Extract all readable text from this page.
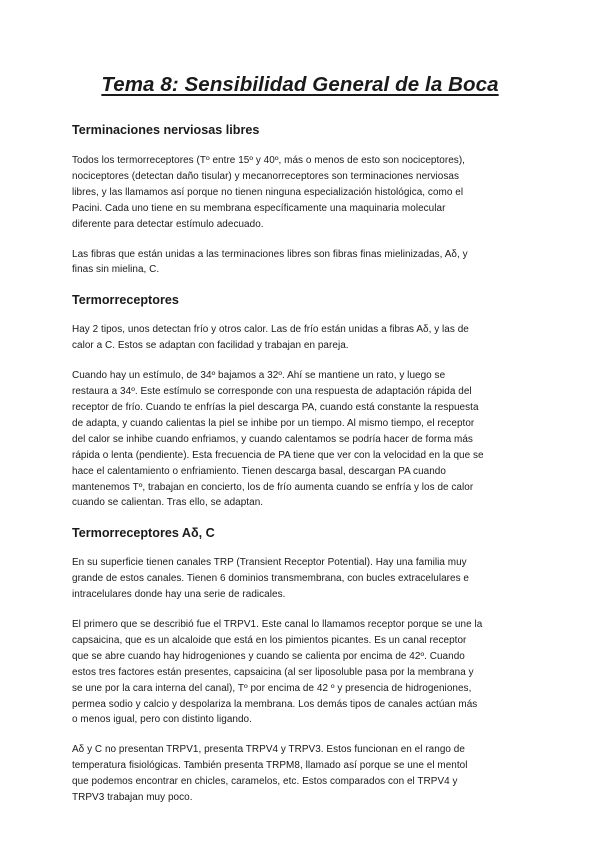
Tema 8: Sensibilidad General de la Boca
Terminaciones nerviosas libres

Todos los termorreceptores (Tº entre 15º y 40º, más o menos de esto son nociceptores),
nociceptores (detectan daño tisular) y mecanorreceptores son terminaciones nerviosas
libres, y las llamamos así porque no tienen ninguna especialización histológica, como el
Pacini. Cada uno tiene en su membrana específicamente una maquinaria molecular
diferente para detectar estímulo adecuado.

Las fibras que están unidas a las terminaciones libres son fibras finas mielinizadas, Aδ, y
finas sin mielina, C.

Termorreceptores

Hay 2 tipos, unos detectan frío y otros calor. Las de frío están unidas a fibras Aδ, y las de
calor a C. Estos se adaptan con facilidad y trabajan en pareja.

Cuando hay un estímulo, de 34º bajamos a 32º. Ahí se mantiene un rato, y luego se
restaura a 34º. Este estímulo se corresponde con una respuesta de adaptación rápida del
receptor de frío. Cuando te enfrías la piel descarga PA, cuando está constante la respuesta
de adapta, y cuando calientas la piel se inhibe por un tiempo. Al mismo tiempo, el receptor
del calor se inhibe cuando enfriamos, y cuando calentamos se podría hacer de forma más
rápida o lenta (pendiente). Esta frecuencia de PA tiene que ver con la velocidad en la que se
hace el calentamiento o enfriamiento. Tienen descarga basal, descargan PA cuando
mantenemos Tº, trabajan en concierto, los de frío aumenta cuando se enfría y los de calor
cuando se calientan. Tras ello, se adaptan.

Termorreceptores Aδ, C

En su superficie tienen canales TRP (Transient Receptor Potential). Hay una familia muy
grande de estos canales. Tienen 6 dominios transmembrana, con bucles extracelulares e
intracelulares donde hay una serie de radicales.

El primero que se describió fue el TRPV1. Este canal lo llamamos receptor porque se une la
capsaicina, que es un alcaloide que está en los pimientos picantes. Es un canal receptor
que se abre cuando hay hidrogeniones y cuando se calienta por encima de 42º. Cuando
estos tres factores están presentes, capsaicina (al ser liposoluble pasa por la membrana y
se une por la cara interna del canal), Tº por encima de 42 º y presencia de hidrogeniones,
permea sodio y calcio y despolariza la membrana. Los demás tipos de canales actúan más
o menos igual, pero con distinto ligando.

Aδ y C no presentan TRPV1, presenta TRPV4 y TRPV3. Estos funcionan en el rango de
temperatura fisiológicas. También presenta TRPM8, llamado así porque se une el mentol
que podemos encontrar en chicles, caramelos, etc. Estos comparados con el TRPV4 y
TRPV3 trabajan muy poco.
